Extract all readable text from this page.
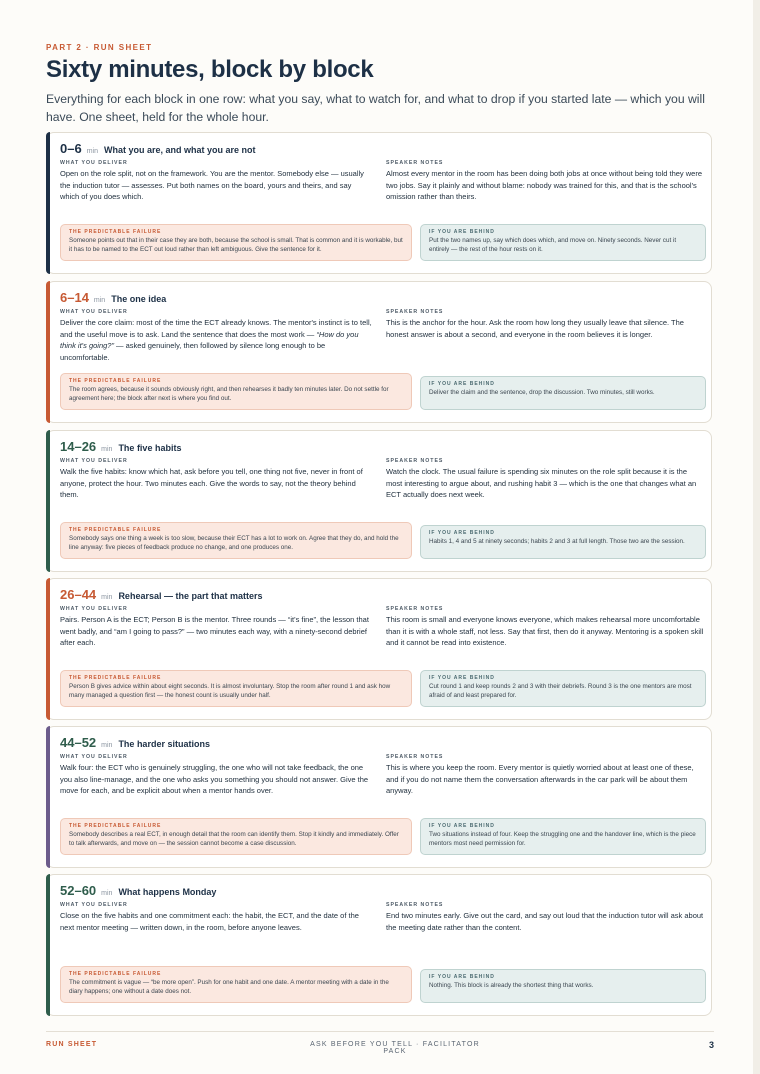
PART 2 · RUN SHEET
Sixty minutes, block by block
Everything for each block in one row: what you say, what to watch for, and what to drop if you started late — which you will have. One sheet, held for the whole hour.
0–6 min What you are, and what you are not
WHAT YOU DELIVER
Open on the role split, not on the framework. You are the mentor. Somebody else — usually the induction tutor — assesses. Put both names on the board, yours and theirs, and say which of you does which.
SPEAKER NOTES
Almost every mentor in the room has been doing both jobs at once without being told they were two jobs. Say it plainly and without blame: nobody was trained for this, and that is the school's omission rather than theirs.
THE PREDICTABLE FAILURE
Someone points out that in their case they are both, because the school is small. That is common and it is workable, but it has to be named to the ECT out loud rather than left ambiguous. Give the sentence for it.
IF YOU ARE BEHIND
Put the two names up, say which does which, and move on. Ninety seconds. Never cut it entirely — the rest of the hour rests on it.
6–14 min The one idea
WHAT YOU DELIVER
Deliver the core claim: most of the time the ECT already knows. The mentor's instinct is to tell, and the useful move is to ask. Land the sentence that does the most work — “How do you think it's going?” — asked genuinely, then followed by silence long enough to be uncomfortable.
SPEAKER NOTES
This is the anchor for the hour. Ask the room how long they usually leave that silence. The honest answer is about a second, and everyone in the room believes it is longer.
THE PREDICTABLE FAILURE
The room agrees, because it sounds obviously right, and then rehearses it badly ten minutes later. Do not settle for agreement here; the block after next is where you find out.
IF YOU ARE BEHIND
Deliver the claim and the sentence, drop the discussion. Two minutes, still works.
14–26 min The five habits
WHAT YOU DELIVER
Walk the five habits: know which hat, ask before you tell, one thing not five, never in front of anyone, protect the hour. Two minutes each. Give the words to say, not the theory behind them.
SPEAKER NOTES
Watch the clock. The usual failure is spending six minutes on the role split because it is the most interesting to argue about, and rushing habit 3 — which is the one that changes what an ECT actually does next week.
THE PREDICTABLE FAILURE
Somebody says one thing a week is too slow, because their ECT has a lot to work on. Agree that they do, and hold the line anyway: five pieces of feedback produce no change, and one produces one.
IF YOU ARE BEHIND
Habits 1, 4 and 5 at ninety seconds; habits 2 and 3 at full length. Those two are the session.
26–44 min Rehearsal — the part that matters
WHAT YOU DELIVER
Pairs. Person A is the ECT; Person B is the mentor. Three rounds — “it's fine”, the lesson that went badly, and “am I going to pass?” — two minutes each way, with a ninety-second debrief after each.
SPEAKER NOTES
This room is small and everyone knows everyone, which makes rehearsal more uncomfortable than it is with a whole staff, not less. Say that first, then do it anyway. Mentoring is a spoken skill and it cannot be read into existence.
THE PREDICTABLE FAILURE
Person B gives advice within about eight seconds. It is almost involuntary. Stop the room after round 1 and ask how many managed a question first — the honest count is usually under half.
IF YOU ARE BEHIND
Cut round 1 and keep rounds 2 and 3 with their debriefs. Round 3 is the one mentors are most afraid of and least prepared for.
44–52 min The harder situations
WHAT YOU DELIVER
Walk four: the ECT who is genuinely struggling, the one who will not take feedback, the one you also line-manage, and the one who asks you something you should not answer. Give the move for each, and be explicit about when a mentor hands over.
SPEAKER NOTES
This is where you keep the room. Every mentor is quietly worried about at least one of these, and if you do not name them the conversation afterwards in the car park will be about them anyway.
THE PREDICTABLE FAILURE
Somebody describes a real ECT, in enough detail that the room can identify them. Stop it kindly and immediately. Offer to talk afterwards, and move on — the session cannot become a case discussion.
IF YOU ARE BEHIND
Two situations instead of four. Keep the struggling one and the handover line, which is the piece mentors most need permission for.
52–60 min What happens Monday
WHAT YOU DELIVER
Close on the five habits and one commitment each: the habit, the ECT, and the date of the next mentor meeting — written down, in the room, before anyone leaves.
SPEAKER NOTES
End two minutes early. Give out the card, and say out loud that the induction tutor will ask about the meeting date rather than the content.
THE PREDICTABLE FAILURE
The commitment is vague — “be more open”. Push for one habit and one date. A mentor meeting with a date in the diary happens; one without a date does not.
IF YOU ARE BEHIND
Nothing. This block is already the shortest thing that works.
RUN SHEET	ASK BEFORE YOU TELL · FACILITATOR PACK
3
